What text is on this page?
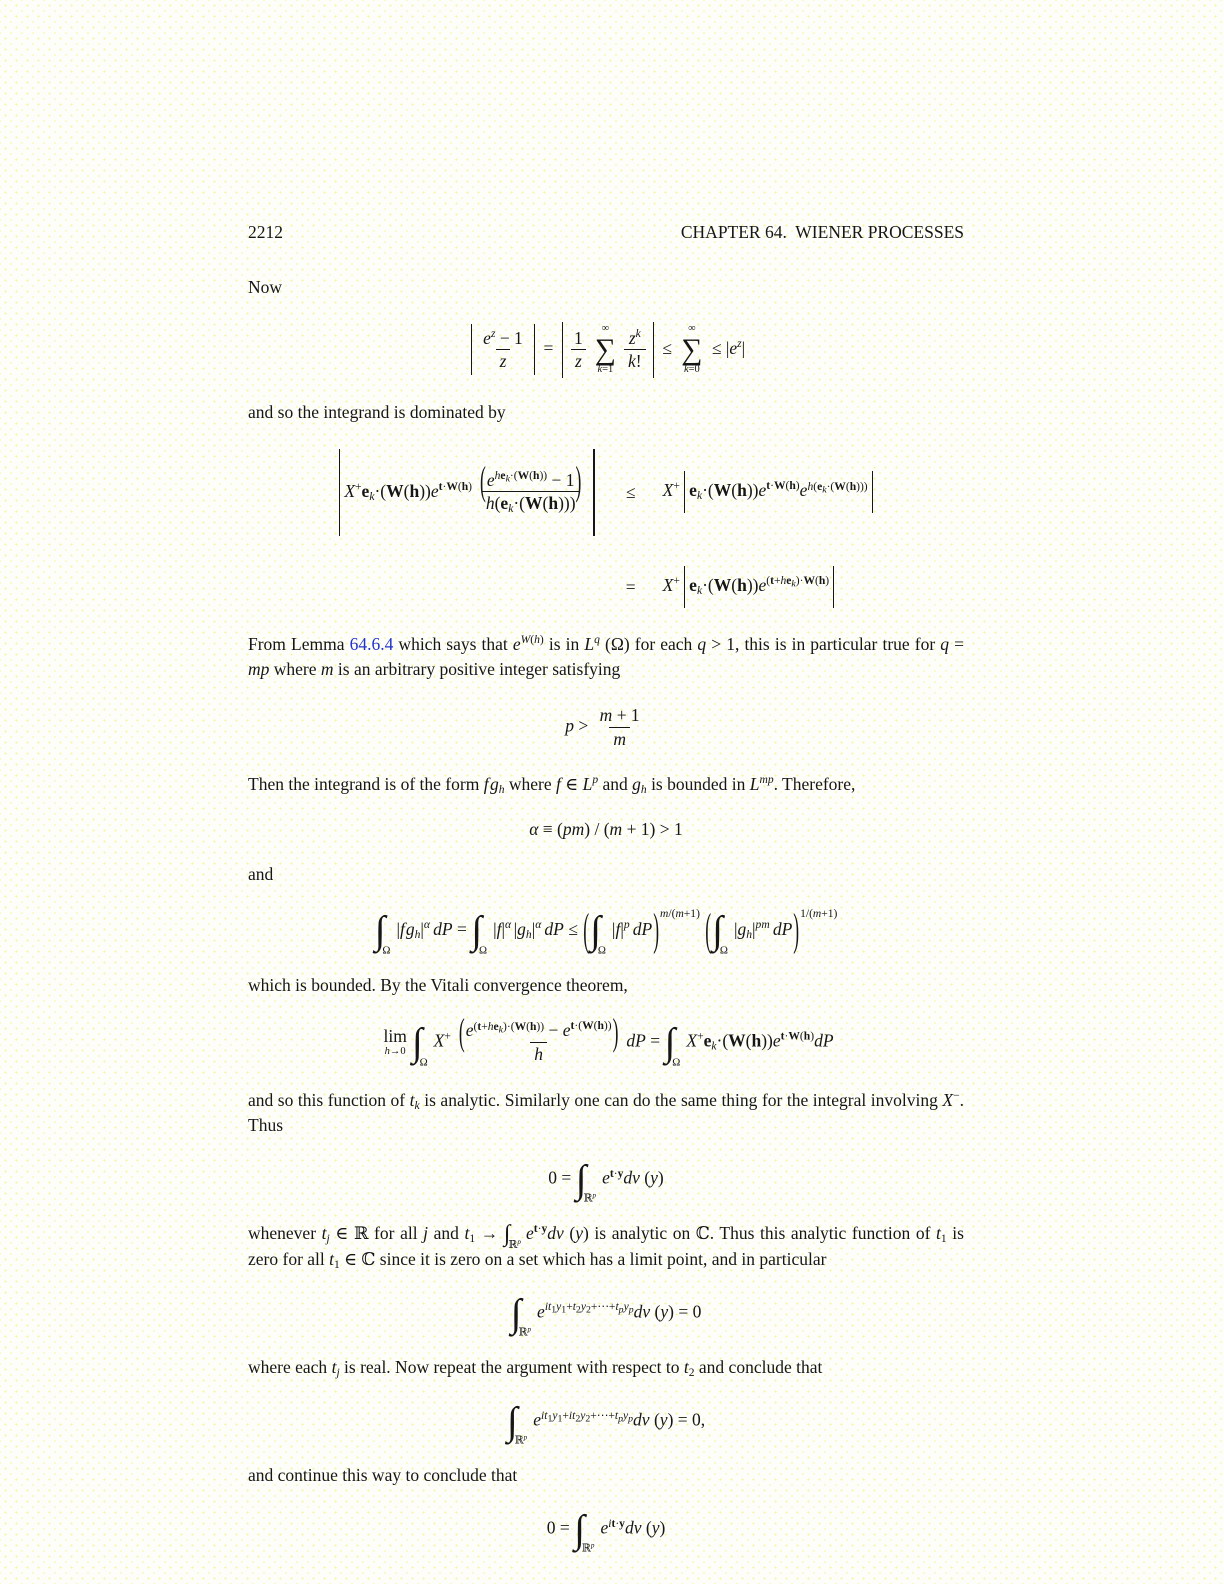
2212	CHAPTER 64.  WIENER PROCESSES
Now
$\frac{e^z - 1}{z} = \frac{1}{z}$ ∞
∑
$k=1 \frac{z^k}{k!}$ ≤
∞
∑
k=0
≤ $|e^z|$
and so the integrand is dominated by
$X^+e_k\cdot(W(h))e^{t\cdot W(h)} \frac{(e^{he_k\cdot(W(h))} - 1)}{h(e_k\cdot(W(h)))} \le X^+$ $e_k\cdot(W(h))e^{t\cdot W(h)}e^{h(e_k\cdot(W(h)))}$
= X+ $e_k\cdot(W(h))e^{(t+he_k)\cdot W(h)}$
From Lemma 64.6.4 which says that $e^{W(h)}$ is in $L^q$ (Ω) for each q > 1, this is in particular true for q = mp where m is an arbitrary positive integer satisfying
$p > \frac{m + 1}{m}$
Then the integrand is of the form $fg_h$ where f ∈ $L^p$ and $g_h$ is bounded in $L^{mp}$. Therefore,
α ≡ (pm) / (m + 1) > 1
and
∫
Ω
$|fg_h|^\alpha$ dP = ∫
Ω
$|f|^\alpha$ $|g_h|^\alpha$ dP ≤ ( ∫
Ω
$|f|^p$ dP)$^{m/(m+1)}$ ( ∫
Ω
$|g_h|^{pm}$ dP)$^{1/(m+1)}$
which is bounded. By the Vitali convergence theorem,
lim
h→0 ∫
Ω
$X^+ \frac{(e^{(t+he_k)\cdot(W(h))} - e^{t\cdot(W(h))})}{h}$ dP = ∫
Ω
$X^+e_k\cdot(W(h))e^{t\cdot W(h)}dP$
and so this function of $t_k$ is analytic. Similarly one can do the same thing for the integral involving X−. Thus
0 = ∫
ℝ$^p$
$e^{t\cdot y}d\nu$ (y)
whenever $t_j$ ∈ ℝ for all j and $t_1$ → ∫
ℝ$^p$ $e^{t\cdot y}d\nu$ (y) is analytic on ℂ. Thus this analytic function of $t_1$ is zero for all $t_1$ ∈ ℂ since it is zero on a set which has a limit point, and in particular
∫
ℝ$^p$
$e^{it_1y_1+t_2y_2+\cdots+t_py_p}d\nu$ (y) = 0
where each $t_j$ is real. Now repeat the argument with respect to $t_2$ and conclude that
∫
ℝ$^p$
$e^{it_1y_1+it_2y_2+\cdots+t_py_p}d\nu$ (y) = 0,
and continue this way to conclude that
0 = ∫
ℝ$^p$
$e^{it\cdot y}d\nu$ (y)
